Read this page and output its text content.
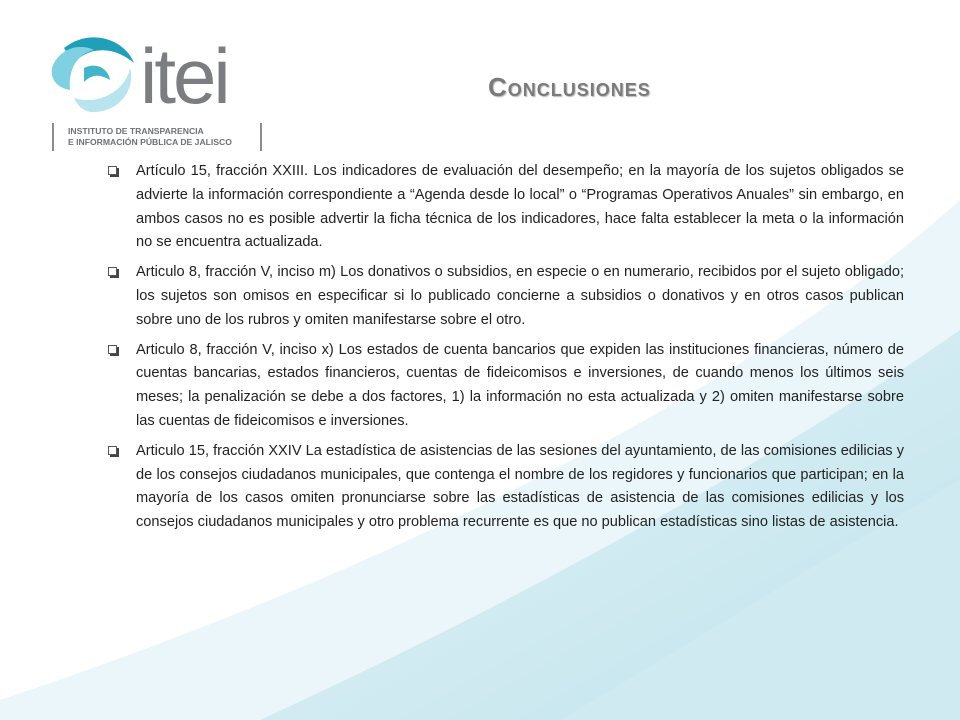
itei
INSTITUTO DE TRANSPARENCIA
E INFORMACIÓN PÚBLICA DE JALISCO
Conclusiones

Artículo 15, fracción XXIII. Los indicadores de evaluación del desempeño; en la mayoría de los sujetos obligados se advierte la información correspondiente a “Agenda desde lo local” o “Programas Operativos Anuales” sin embargo, en ambos casos no es posible advertir la ficha técnica de los indicadores, hace falta establecer la meta o la información no se encuentra actualizada.

Articulo 8, fracción V, inciso m) Los donativos o subsidios, en especie o en numerario, recibidos por el sujeto obligado; los sujetos son omisos en especificar si lo publicado concierne a subsidios o donativos y en otros casos publican sobre uno de los rubros y omiten manifestarse sobre el otro.

Articulo 8, fracción V, inciso x) Los estados de cuenta bancarios que expiden las instituciones financieras, número de cuentas bancarias, estados financieros, cuentas de fideicomisos e inversiones, de cuando menos los últimos seis meses; la penalización se debe a dos factores, 1) la información no esta actualizada y 2) omiten manifestarse sobre las cuentas de fideicomisos e inversiones.

Articulo 15, fracción XXIV La estadística de asistencias de las sesiones del ayuntamiento, de las comisiones edilicias y de los consejos ciudadanos municipales, que contenga el nombre de los regidores y funcionarios que participan; en la mayoría de los casos omiten pronunciarse sobre las estadísticas de asistencia de las comisiones edilicias y los consejos ciudadanos municipales y otro problema recurrente es que no publican estadísticas sino listas de asistencia.
